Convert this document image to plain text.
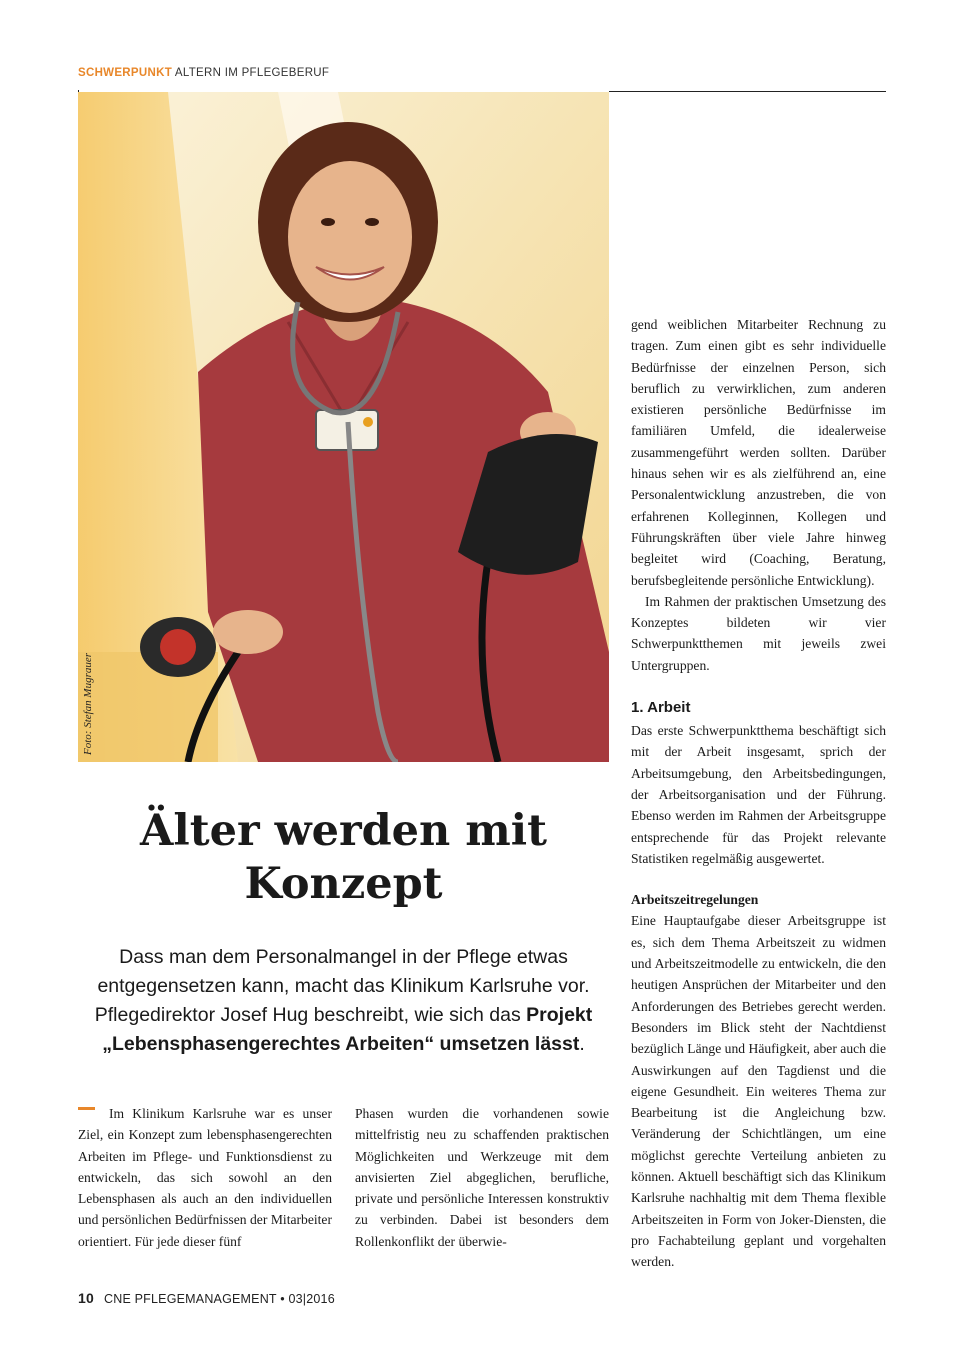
SCHWERPUNKT ALTERN IM PFLEGEBERUF
Foto: Stefan Mugrauer
Älter werden mit
Konzept
Dass man dem Personalmangel in der Pflege etwas entgegensetzen kann, macht das Klinikum Karlsruhe vor. Pflegedirektor Josef Hug beschreibt, wie sich das Projekt „Lebensphasengerechtes Arbeiten“ umsetzen lässt.

Im Klinikum Karlsruhe war es unser Ziel, ein Konzept zum lebensphasengerechten Arbeiten im Pflege- und Funktionsdienst zu entwickeln, das sich sowohl an den Lebensphasen als auch an den individuellen und persönlichen Bedürfnissen der Mitarbeiter orientiert. Für jede dieser fünf

Phasen wurden die vorhandenen sowie mittelfristig neu zu schaffenden praktischen Möglichkeiten und Werkzeuge mit dem anvisierten Ziel abgeglichen, berufliche, private und persönliche Interessen konstruktiv zu verbinden. Dabei ist besonders dem Rollenkonflikt der überwie-

gend weiblichen Mitarbeiter Rechnung zu tragen. Zum einen gibt es sehr individuelle Bedürfnisse der einzelnen Person, sich beruflich zu verwirklichen, zum anderen existieren persönliche Bedürfnisse im familiären Umfeld, die idealerweise zusammengeführt werden sollten. Darüber hinaus sehen wir es als zielführend an, eine Personalentwicklung anzustreben, die von erfahrenen Kolleginnen, Kollegen und Führungskräften über viele Jahre hinweg begleitet wird (Coaching, Beratung, berufsbegleitende persönliche Entwicklung).

Im Rahmen der praktischen Umsetzung des Konzeptes bildeten wir vier Schwerpunktthemen mit jeweils zwei Untergruppen.

1. Arbeit

Das erste Schwerpunktthema beschäftigt sich mit der Arbeit insgesamt, sprich der Arbeitsumgebung, den Arbeitsbedingungen, der Arbeitsorganisation und der Führung. Ebenso werden im Rahmen der Arbeitsgruppe entsprechende für das Projekt relevante Statistiken regelmäßig ausgewertet.

Arbeitszeitregelungen

Eine Hauptaufgabe dieser Arbeitsgruppe ist es, sich dem Thema Arbeitszeit zu widmen und Arbeitszeitmodelle zu entwickeln, die den heutigen Ansprüchen der Mitarbeiter und den Anforderungen des Betriebes gerecht werden. Besonders im Blick steht der Nachtdienst bezüglich Länge und Häufigkeit, aber auch die Auswirkungen auf den Tagdienst und die eigene Gesundheit. Ein weiteres Thema zur Bearbeitung ist die Angleichung bzw. Veränderung der Schichtlängen, um eine möglichst gerechte Verteilung anbieten zu können. Aktuell beschäftigt sich das Klinikum Karlsruhe nachhaltig mit dem Thema flexible Arbeitszeiten in Form von Joker-Diensten, die pro Fachabteilung geplant und vorgehalten werden.

10 CNE PFLEGEMANAGEMENT • 03|2016
